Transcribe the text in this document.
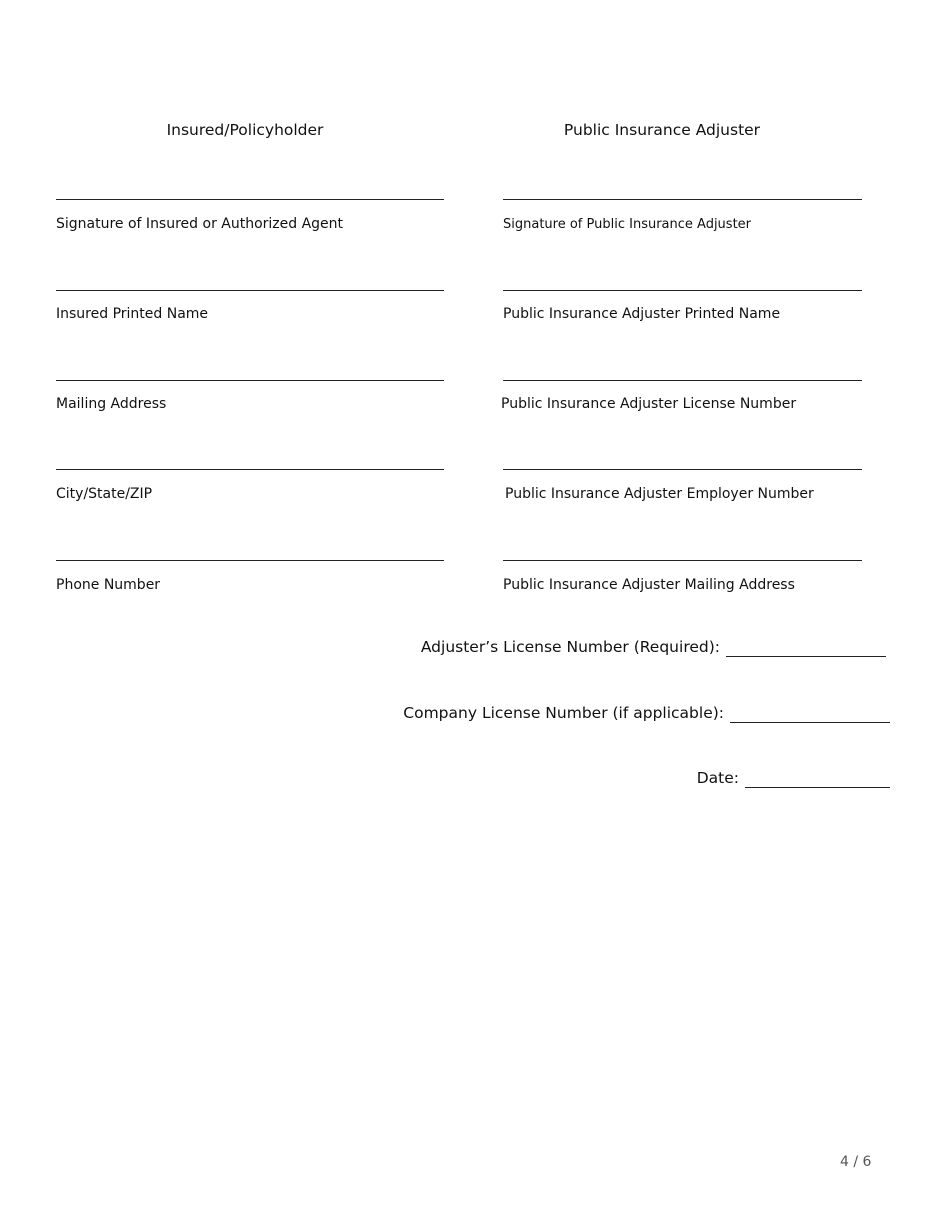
Insured/Policyholder	Public Insurance Adjuster
Signature of Insured or Authorized Agent
Insured Printed Name
Mailing Address
City/State/ZIP
Phone Number
Signature of Public Insurance Adjuster
Public Insurance Adjuster Printed Name
Public Insurance Adjuster License Number
Public Insurance Adjuster Employer Number
Public Insurance Adjuster Mailing Address
Adjuster’s License Number (Required):
Company License Number (if applicable):
Date:
4 / 6
